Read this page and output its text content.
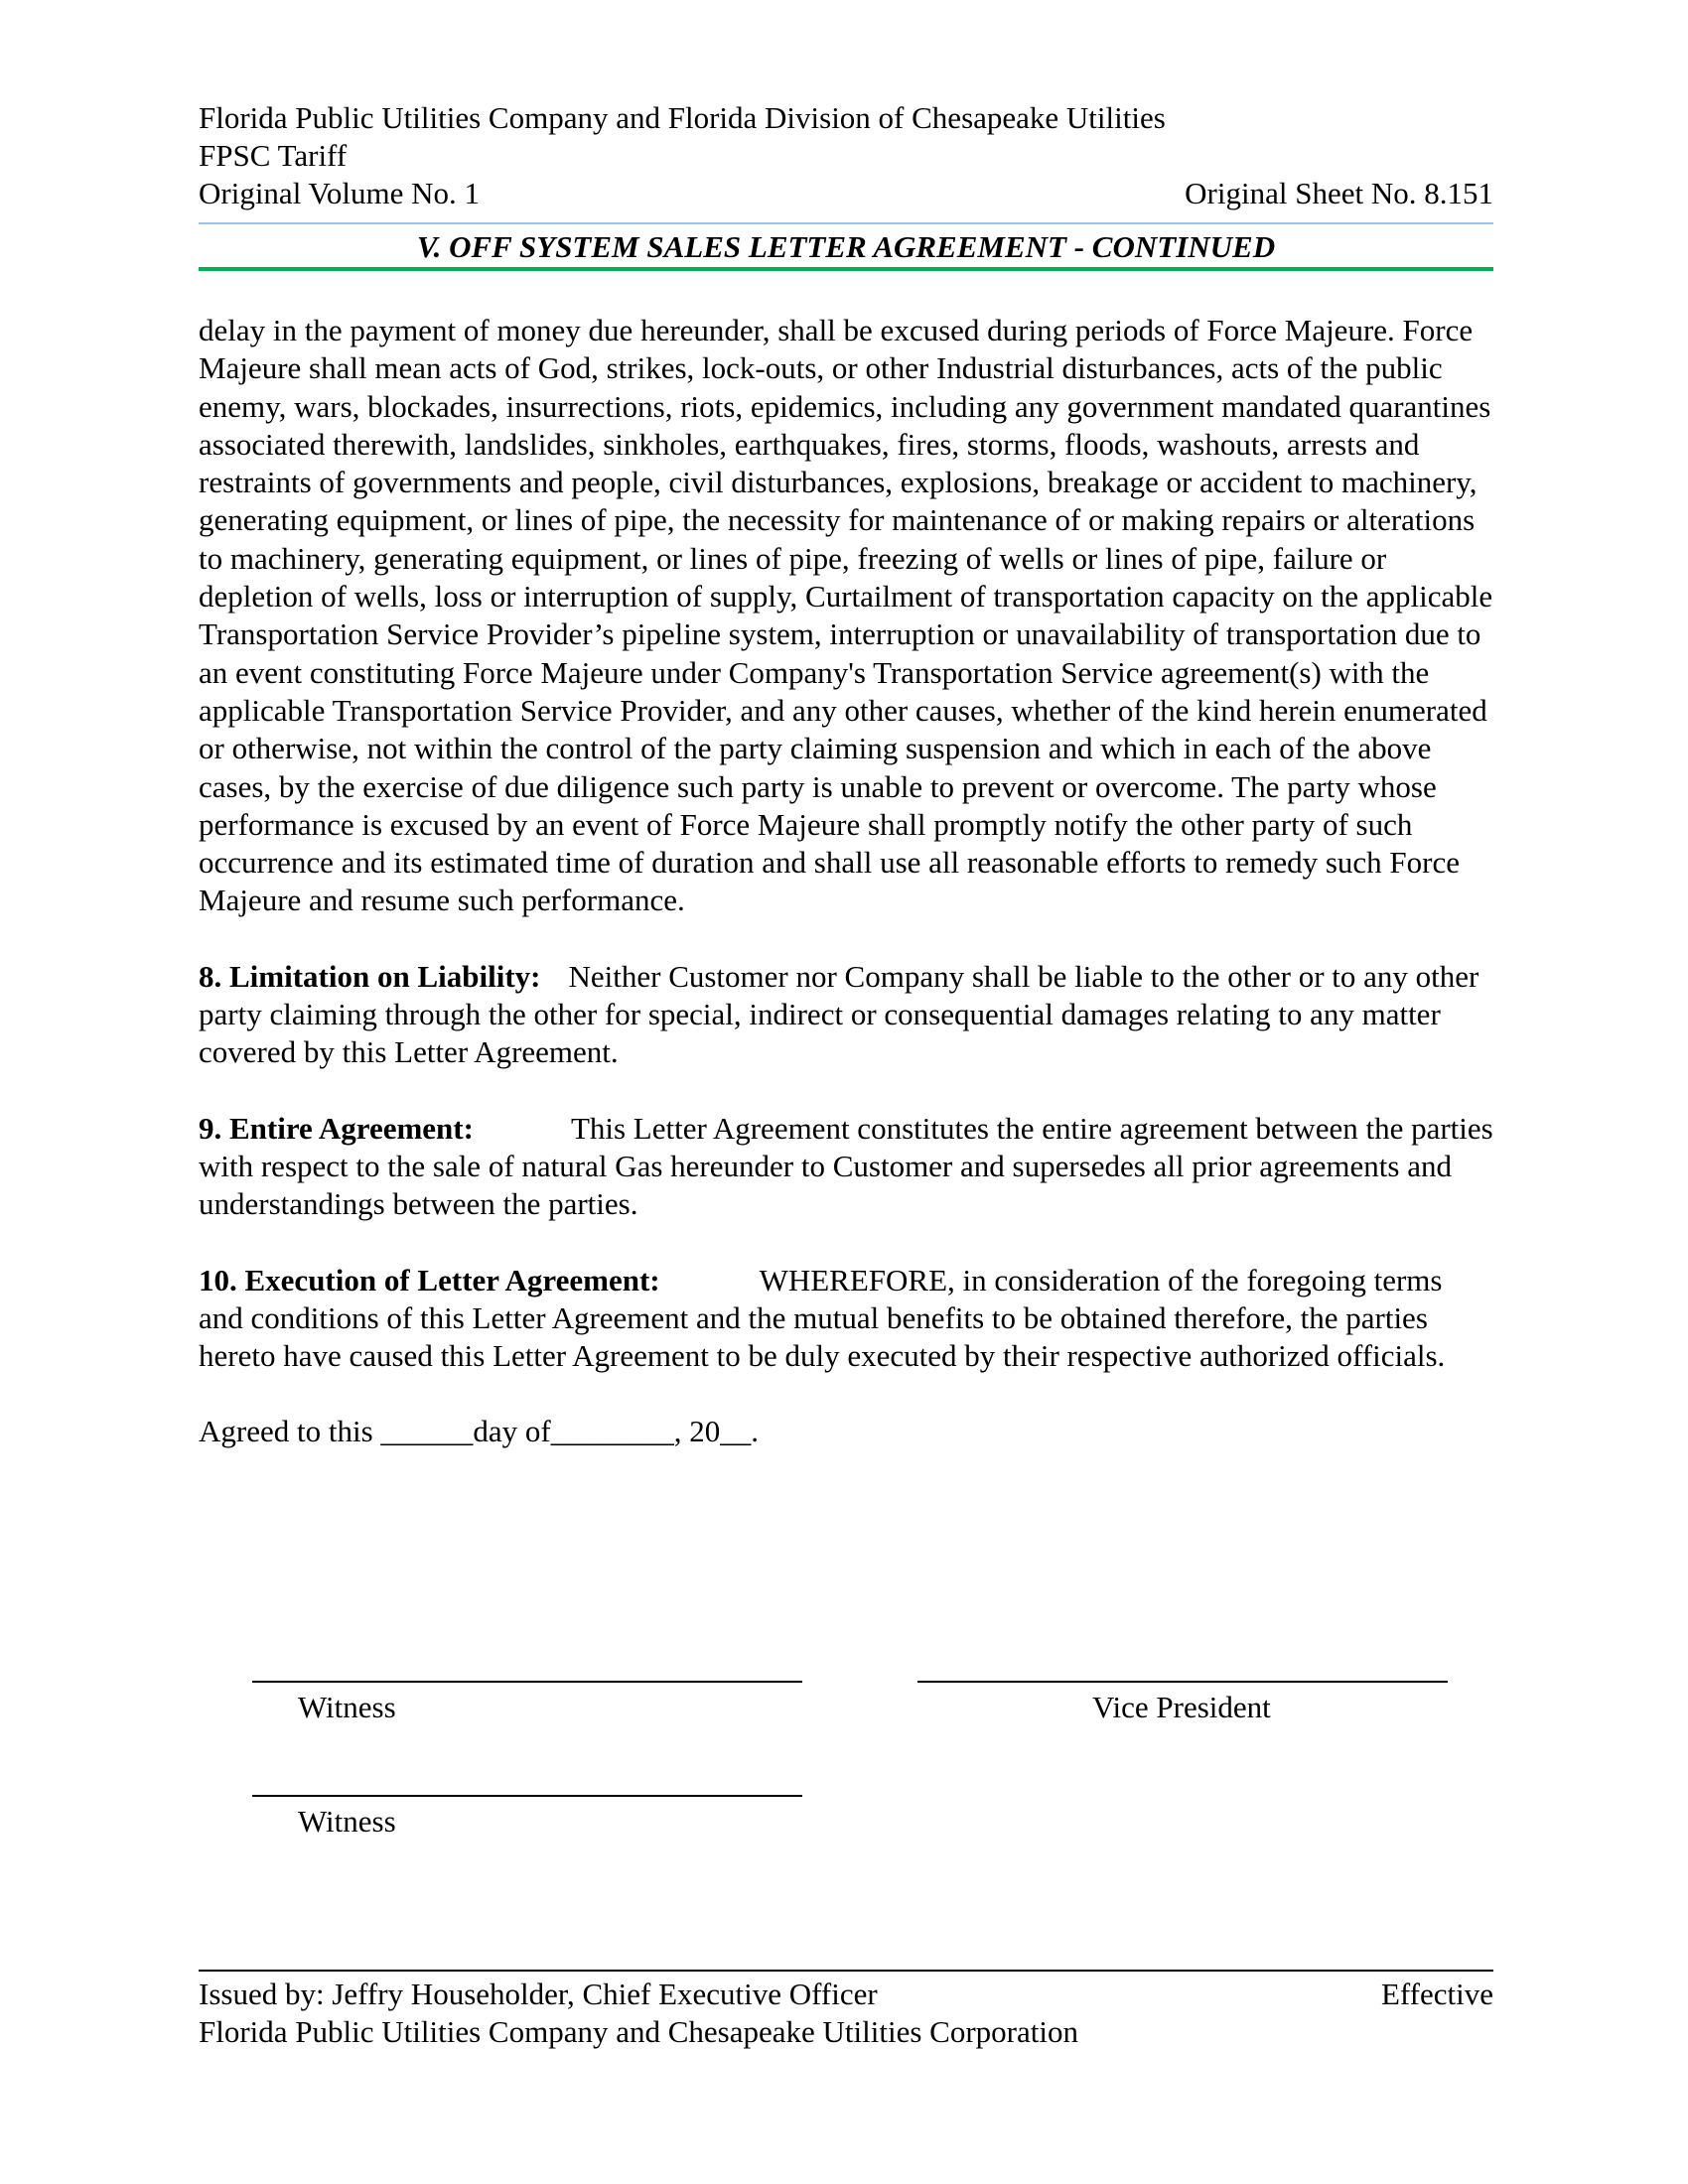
Florida Public Utilities Company and Florida Division of Chesapeake Utilities
FPSC Tariff
Original Volume No. 1	Original Sheet No. 8.151
V. OFF SYSTEM SALES LETTER AGREEMENT - CONTINUED

delay in the payment of money due hereunder, shall be excused during periods of Force Majeure. Force Majeure shall mean acts of God, strikes, lock-outs, or other Industrial disturbances, acts of the public enemy, wars, blockades, insurrections, riots, epidemics, including any government mandated quarantines associated therewith, landslides, sinkholes, earthquakes, fires, storms, floods, washouts, arrests and restraints of governments and people, civil disturbances, explosions, breakage or accident to machinery, generating equipment, or lines of pipe, the necessity for maintenance of or making repairs or alterations to machinery, generating equipment, or lines of pipe, freezing of wells or lines of pipe, failure or depletion of wells, loss or interruption of supply, Curtailment of transportation capacity on the applicable Transportation Service Provider’s pipeline system, interruption or unavailability of transportation due to an event constituting Force Majeure under Company's Transportation Service agreement(s) with the applicable Transportation Service Provider, and any other causes, whether of the kind herein enumerated or otherwise, not within the control of the party claiming suspension and which in each of the above cases, by the exercise of due diligence such party is unable to prevent or overcome. The party whose performance is excused by an event of Force Majeure shall promptly notify the other party of such occurrence and its estimated time of duration and shall use all reasonable efforts to remedy such Force Majeure and resume such performance.

8. Limitation on Liability: Neither Customer nor Company shall be liable to the other or to any other party claiming through the other for special, indirect or consequential damages relating to any matter covered by this Letter Agreement.

9. Entire Agreement:	This Letter Agreement constitutes the entire agreement between the parties with respect to the sale of natural Gas hereunder to Customer and supersedes all prior agreements and understandings between the parties.

10. Execution of Letter Agreement:	WHEREFORE, in consideration of the foregoing terms and conditions of this Letter Agreement and the mutual benefits to be obtained therefore, the parties hereto have caused this Letter Agreement to be duly executed by their respective authorized officials.

Agreed to this ______day of________, 20__.

Witness	Vice President
Witness
Issued by: Jeffry Householder, Chief Executive Officer	Effective
Florida Public Utilities Company and Chesapeake Utilities Corporation
